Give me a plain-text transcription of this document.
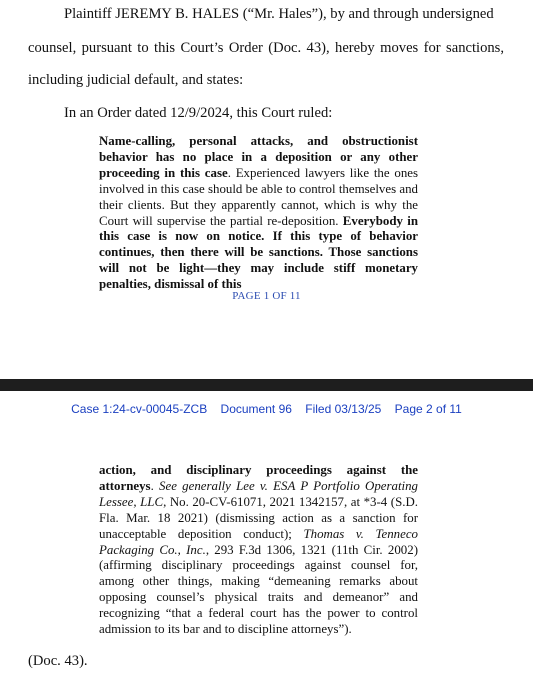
Plaintiff JEREMY B. HALES (“Mr. Hales”), by and through undersigned

counsel, pursuant to this Court’s Order (Doc. 43), hereby moves for sanctions,

including judicial default, and states:

In an Order dated 12/9/2024, this Court ruled:

Name-calling, personal attacks, and obstructionist behavior has no place in a deposition or any other proceeding in this case. Experienced lawyers like the ones involved in this case should be able to control themselves and their clients. But they apparently cannot, which is why the Court will supervise the partial re-deposition. Everybody in this case is now on notice. If this type of behavior continues, then there will be sanctions. Those sanctions will not be light—they may include stiff monetary penalties, dismissal of this

PAGE 1 OF 11

Case 1:24-cv-00045-ZCB Document 96 Filed 03/13/25 Page 2 of 11
action, and disciplinary proceedings against the attorneys. See generally Lee v. ESA P Portfolio Operating Lessee, LLC, No. 20-CV-61071, 2021 1342157, at *3-4 (S.D. Fla. Mar. 18 2021) (dismissing action as a sanction for unacceptable deposition conduct); Thomas v. Tenneco Packaging Co., Inc., 293 F.3d 1306, 1321 (11th Cir. 2002) (affirming disciplinary proceedings against counsel for, among other things, making “demeaning remarks about opposing counsel’s physical traits and demeanor” and recognizing “that a federal court has the power to control admission to its bar and to discipline attorneys”).

(Doc. 43).
